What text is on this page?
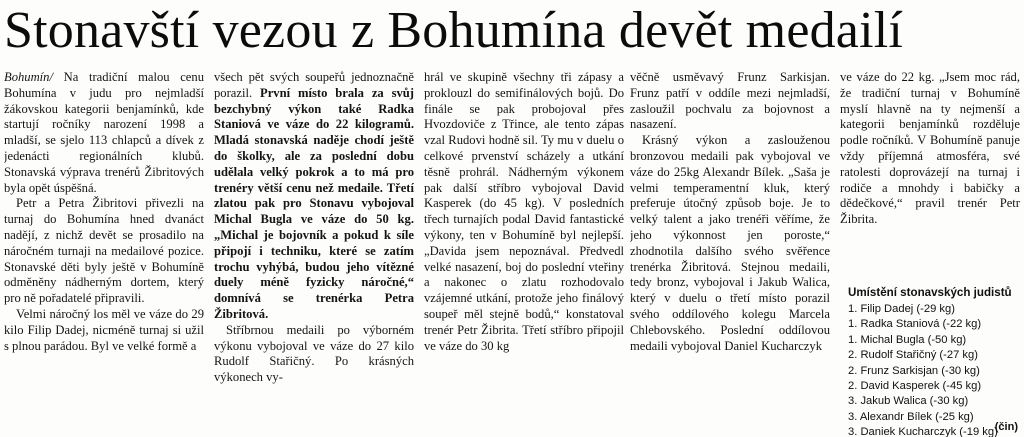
Stonavští vezou z Bohumína devět medailí

Bohumín/ Na tradiční malou cenu Bohumína v judu pro nejmladší žákovskou kategorii benjamínků, kde startují ročníky narození 1998 a mladší, se sjelo 113 chlapců a dívek z jedenácti regionálních klubů. Stonavská výprava trenérů Žibritových byla opět úspěšná.

Petr a Petra Žibritovi přivezli na turnaj do Bohumína hned dvanáct nadějí, z nichž devět se prosadilo na náročném turnaji na medailové pozice. Stonavské děti byly ještě v Bohumíně odměněny nádherným dortem, který pro ně pořadatelé připravili.

Velmi náročný los měl ve váze do 29 kilo Filip Dadej, nicméně turnaj si užil s plnou parádou. Byl ve velké formě a

všech pět svých soupeřů jednoznačně porazil. První místo brala za svůj bezchybný výkon také Radka Staniová ve váze do 22 kilogramů. Mladá stonavská naděje chodí ještě do školky, ale za poslední dobu udělala velký pokrok a to má pro trenéry větší cenu než medaile. Třetí zlatou pak pro Stonavu vybojoval Michal Bugla ve váze do 50 kg. „Michal je bojovník a pokud k síle připojí i techniku, které se zatím trochu vyhýbá, budou jeho vítězné duely méně fyzicky náročné,“ domnívá se trenérka Petra Žibritová.

Stříbrnou medaili po výborném výkonu vybojoval ve váze do 27 kilo Rudolf Stařičný. Po krásných výkonech vy-

hrál ve skupině všechny tři zápasy a proklouzl do semifinálových bojů. Do finále se pak probojoval přes Hvozdoviče z Třince, ale tento zápas vzal Rudovi hodně sil. Ty mu v duelu o celkové prvenství scházely a utkání těsně prohrál. Nádherným výkonem pak další stříbro vybojoval David Kasperek (do 45 kg). V posledních třech turnajích podal David fantastické výkony, ten v Bohumíně byl nejlepší. „Davida jsem nepoznával. Předvedl velké nasazení, boj do poslední vteřiny a nakonec o zlatu rozhodovalo vzájemné utkání, protože jeho finálový soupeř měl stejně bodů,“ konstatoval trenér Petr Žibrita. Třetí stříbro připojil ve váze do 30 kg

věčně usměvavý Frunz Sarkisjan. Frunz patří v oddíle mezi nejmladší, zasloužil pochvalu za bojovnost a nasazení.

Krásný výkon a zaslouženou bronzovou medaili pak vybojoval ve váze do 25kg Alexandr Bílek. „Saša je velmi temperamentní kluk, který preferuje útočný způsob boje. Je to velký talent a jako trenéři věříme, že jeho výkonnost jen poroste,“ zhodnotila dalšího svého svěřence trenérka Žibritová. Stejnou medaili, tedy bronz, vybojoval i Jakub Walica, který v duelu o třetí místo porazil svého oddílového kolegu Marcela Chlebovského. Poslední oddílovou medaili vybojoval Daniel Kucharczyk

ve váze do 22 kg. „Jsem moc rád, že tradiční turnaj v Bohumíně myslí hlavně na ty nejmenší a kategorii benjamínků rozděluje podle ročníků. V Bohumíně panuje vždy příjemná atmosféra, své ratolesti doprovázejí na turnaj i rodiče a mnohdy i babičky a dědečkové,“ pravil trenér Petr Žibrita.

Umístění stonavských judistů
1. Filip Dadej (-29 kg)
1. Radka Staniová (-22 kg)
1. Michal Bugla (-50 kg)
2. Rudolf Stařičný (-27 kg)
2. Frunz Sarkisjan (-30 kg)
2. David Kasperek (-45 kg)
3. Jakub Walica (-30 kg)
3. Alexandr Bílek (-25 kg)
3. Daniek Kucharczyk (-19 kg)
(čin)
